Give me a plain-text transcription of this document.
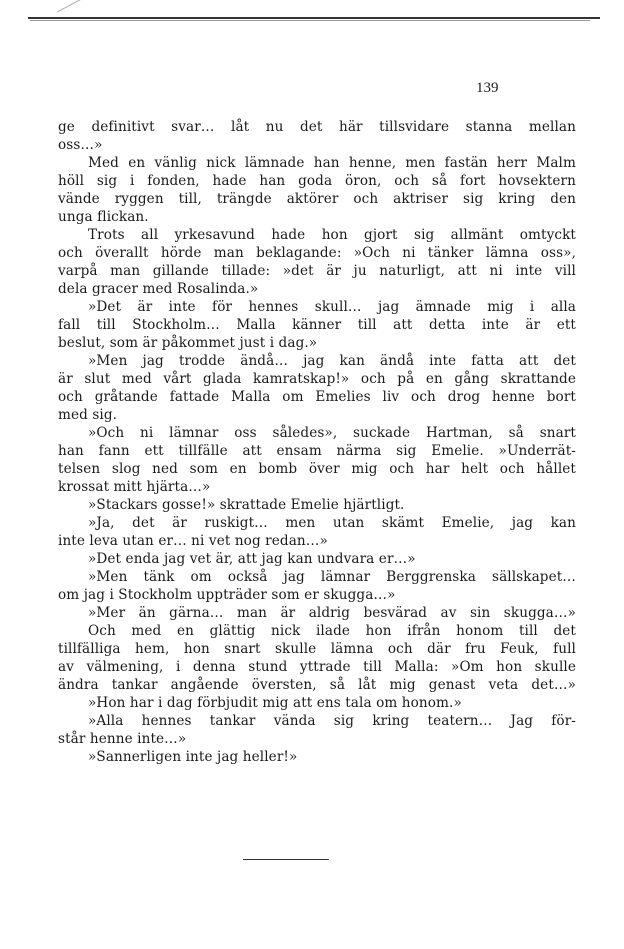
139
ge definitivt svar… låt nu det här tillsvidare stanna mellan
oss…»
Med en vänlig nick lämnade han henne, men fastän herr Malm
höll sig i fonden, hade han goda öron, och så fort hovsektern
vände ryggen till, trängde aktörer och aktriser sig kring den
unga flickan.
Trots all yrkesavund hade hon gjort sig allmänt omtyckt
och överallt hörde man beklagande: »Och ni tänker lämna oss»,
varpå man gillande tillade: »det är ju naturligt, att ni inte vill
dela gracer med Rosalinda.»
»Det är inte för hennes skull… jag ämnade mig i alla
fall till Stockholm… Malla känner till att detta inte är ett
beslut, som är påkommet just i dag.»
»Men jag trodde ändå… jag kan ändå inte fatta att det
är slut med vårt glada kamratskap!» och på en gång skrattande
och gråtande fattade Malla om Emelies liv och drog henne bort
med sig.
»Och ni lämnar oss således», suckade Hartman, så snart
han fann ett tillfälle att ensam närma sig Emelie. »Underrät-
telsen slog ned som en bomb över mig och har helt och hållet
krossat mitt hjärta…»
»Stackars gosse!» skrattade Emelie hjärtligt.
»Ja, det är ruskigt… men utan skämt Emelie, jag kan
inte leva utan er… ni vet nog redan…»
»Det enda jag vet är, att jag kan undvara er…»
»Men tänk om också jag lämnar Berggrenska sällskapet…
om jag i Stockholm uppträder som er skugga…»
»Mer än gärna… man är aldrig besvärad av sin skugga…»
Och med en glättig nick ilade hon ifrån honom till det
tillfälliga hem, hon snart skulle lämna och där fru Feuk, full
av välmening, i denna stund yttrade till Malla: »Om hon skulle
ändra tankar angående översten, så låt mig genast veta det…»
»Hon har i dag förbjudit mig att ens tala om honom.»
»Alla hennes tankar vända sig kring teatern… Jag för-
står henne inte…»
»Sannerligen inte jag heller!»
